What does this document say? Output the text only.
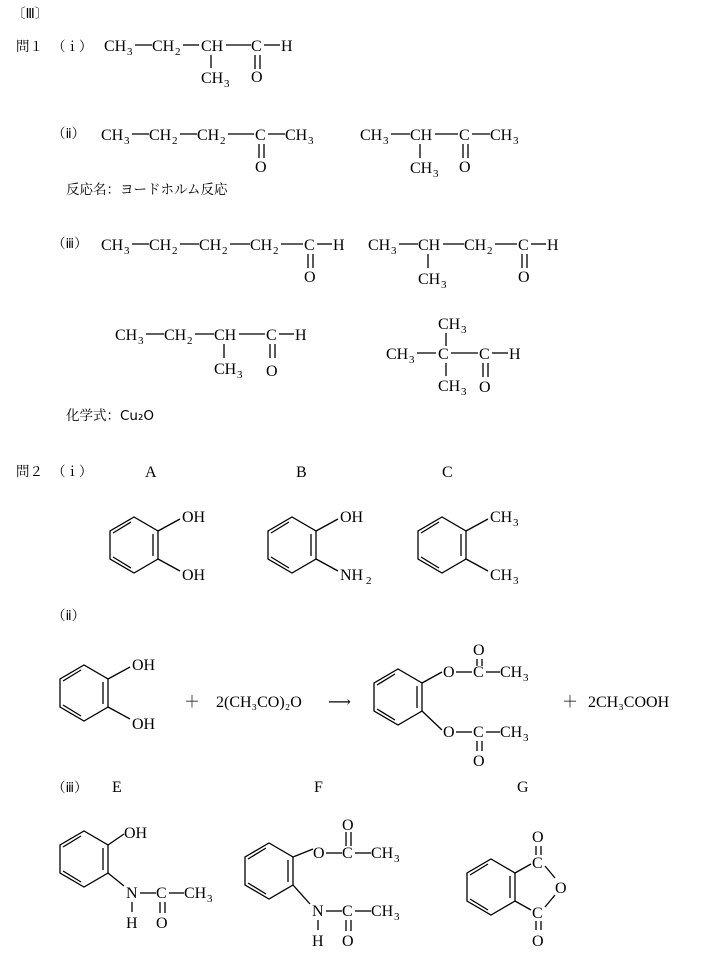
〔Ⅲ〕
問１ （ｉ） CH 3 CH 2 CH
CH 3
C H
O
（ⅱ） CH 3 CH 2 CH 2 C
O
CH 3	CH 3 CH
CH 3
C
O
CH 3
反応名：ヨードホルム反応
（ⅲ） CH 3 CH 2 CH 2 CH 2 C H
O
CH 3 CH
CH 3
CH 2 C H
O
CH 3 CH 2 CH
CH 3
C H
O
CH 3
CH 3 C
CH 3
C H
O
化学式：Cu₂O
問２ （ｉ）	A	B	C
OH
OH
OH
NH 2
CH 3
CH 3
（ⅱ）
OH
OH
＋ 2(CH₃CO)₂O ⟶
O C
O
CH 3
O C
O
CH 3
＋ 2CH₃COOH
（ⅲ） E	F	G
OH
N
H
C
O
CH 3
O C
O
CH 3
N
H
C
O
CH 3
C
O
O
C
O
